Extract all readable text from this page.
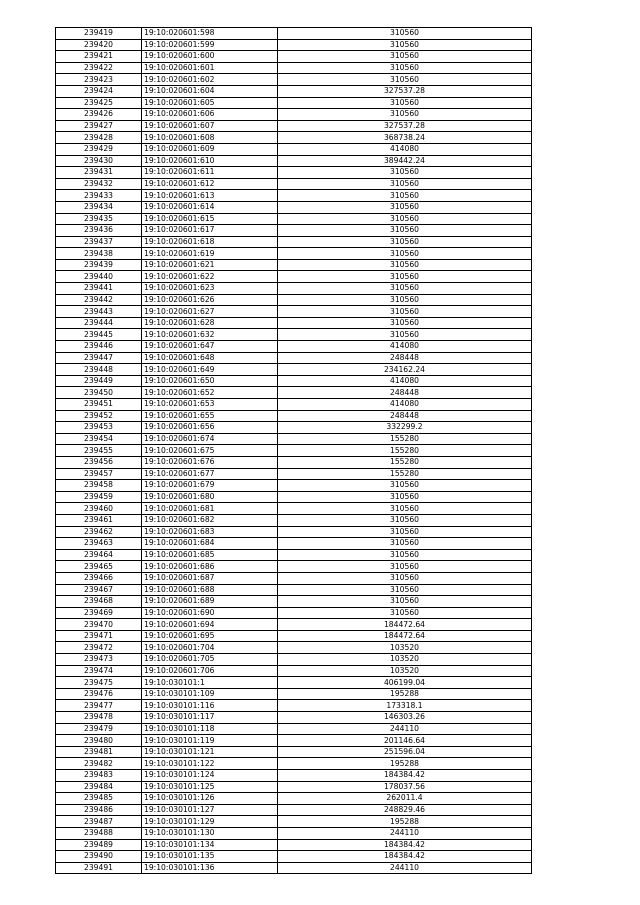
239419	19:10:020601:598	310560
239420	19:10:020601:599	310560
239421	19:10:020601:600	310560
239422	19:10:020601:601	310560
239423	19:10:020601:602	310560
239424	19:10:020601:604	327537.28
239425	19:10:020601:605	310560
239426	19:10:020601:606	310560
239427	19:10:020601:607	327537.28
239428	19:10:020601:608	368738.24
239429	19:10:020601:609	414080
239430	19:10:020601:610	389442.24
239431	19:10:020601:611	310560
239432	19:10:020601:612	310560
239433	19:10:020601:613	310560
239434	19:10:020601:614	310560
239435	19:10:020601:615	310560
239436	19:10:020601:617	310560
239437	19:10:020601:618	310560
239438	19:10:020601:619	310560
239439	19:10:020601:621	310560
239440	19:10:020601:622	310560
239441	19:10:020601:623	310560
239442	19:10:020601:626	310560
239443	19:10:020601:627	310560
239444	19:10:020601:628	310560
239445	19:10:020601:632	310560
239446	19:10:020601:647	414080
239447	19:10:020601:648	248448
239448	19:10:020601:649	234162.24
239449	19:10:020601:650	414080
239450	19:10:020601:652	248448
239451	19:10:020601:653	414080
239452	19:10:020601:655	248448
239453	19:10:020601:656	332299.2
239454	19:10:020601:674	155280
239455	19:10:020601:675	155280
239456	19:10:020601:676	155280
239457	19:10:020601:677	155280
239458	19:10:020601:679	310560
239459	19:10:020601:680	310560
239460	19:10:020601:681	310560
239461	19:10:020601:682	310560
239462	19:10:020601:683	310560
239463	19:10:020601:684	310560
239464	19:10:020601:685	310560
239465	19:10:020601:686	310560
239466	19:10:020601:687	310560
239467	19:10:020601:688	310560
239468	19:10:020601:689	310560
239469	19:10:020601:690	310560
239470	19:10:020601:694	184472.64
239471	19:10:020601:695	184472.64
239472	19:10:020601:704	103520
239473	19:10:020601:705	103520
239474	19:10:020601:706	103520
239475	19:10:030101:1	406199.04
239476	19:10:030101:109	195288
239477	19:10:030101:116	173318.1
239478	19:10:030101:117	146303.26
239479	19:10:030101:118	244110
239480	19:10:030101:119	201146.64
239481	19:10:030101:121	251596.04
239482	19:10:030101:122	195288
239483	19:10:030101:124	184384.42
239484	19:10:030101:125	178037.56
239485	19:10:030101:126	262011.4
239486	19:10:030101:127	248829.46
239487	19:10:030101:129	195288
239488	19:10:030101:130	244110
239489	19:10:030101:134	184384.42
239490	19:10:030101:135	184384.42
239491	19:10:030101:136	244110
